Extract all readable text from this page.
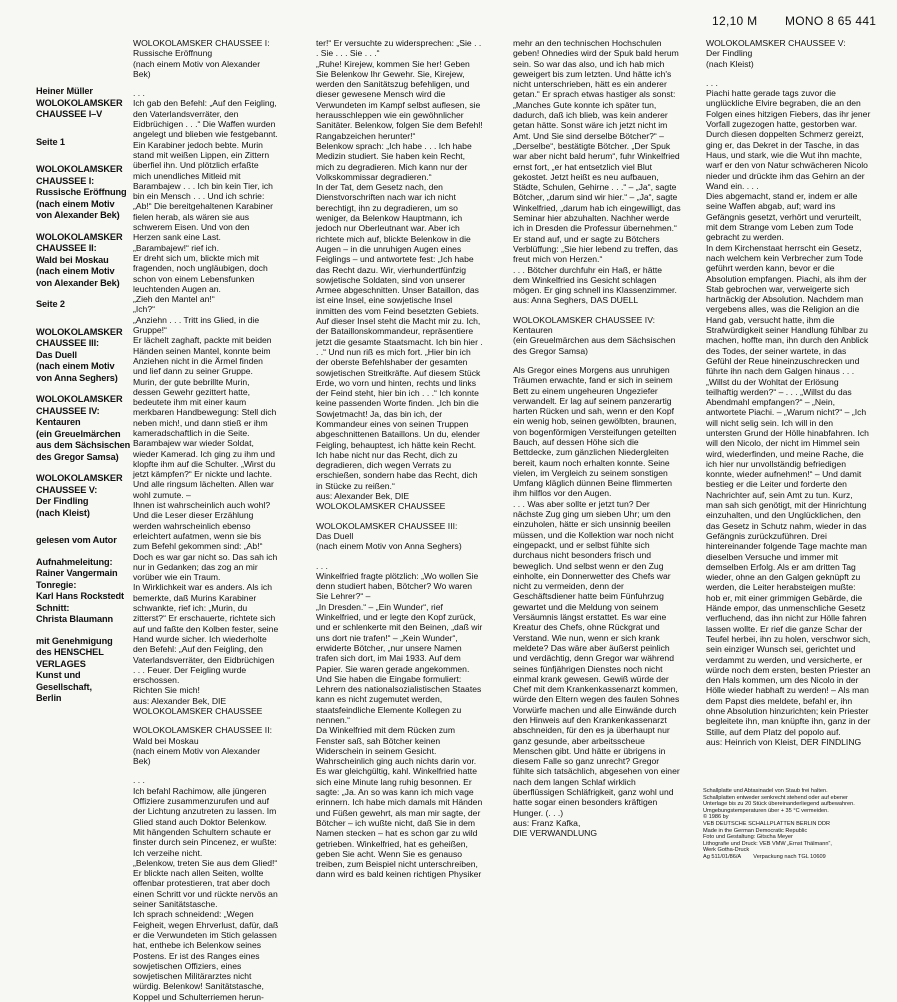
12,10 M MONO 8 65 441

Heiner Müller
WOLOKOLAMSKER
CHAUSSEE I–V

Seite 1

WOLOKOLAMSKER
CHAUSSEE I:
Russische Eröffnung
(nach einem Motiv
von Alexander Bek)

WOLOKOLAMSKER
CHAUSSEE II:
Wald bei Moskau
(nach einem Motiv
von Alexander Bek)

Seite 2

WOLOKOLAMSKER
CHAUSSEE III:
Das Duell
(nach einem Motiv
von Anna Seghers)

WOLOKOLAMSKER
CHAUSSEE IV:
Kentauren
(ein Greuelmärchen
aus dem Sächsischen
des Gregor Samsa)

WOLOKOLAMSKER
CHAUSSEE V:
Der Findling
(nach Kleist)

gelesen vom Autor

Aufnahmeleitung:
Rainer Vangermain
Tonregie:
Karl Hans Rockstedt
Schnitt:
Christa Blaumann

mit Genehmigung
des HENSCHEL
VERLAGES
Kunst und
Gesellschaft,
Berlin

WOLOKOLAMSKER CHAUSSEE I:
Russische Eröffnung
(nach einem Motiv von Alexander Bek)

. . .
Ich gab den Befehl: „Auf den Feigling, den Vaterlandsverräter, den Eidbrüchigen . . .“ Die Waffen wurden angelegt und blieben wie festgebannt. Ein Karabiner jedoch bebte. Murin stand mit weißen Lippen, ein Zittern überfiel ihn. Und plötzlich erfaßte mich unendliches Mitleid mit Barambajew . . . Ich bin kein Tier, ich bin ein Mensch . . . Und ich schrie: „Ab!“ Die bereitgehaltenen Karabiner fielen herab, als wären sie aus schwerem Eisen. Und von den Herzen sank eine Last. „Barambajew!“ rief ich.
Er dreht sich um, blickte mich mit fragenden, noch ungläubigen, doch schon von einem Lebensfunken leuchtenden Augen an.
„Zieh den Mantel an!“
„Ich?“
„Anziehn . . . Tritt ins Glied, in die Gruppe!“
Er lächelt zaghaft, packte mit beiden Händen seinen Mantel, konnte beim Anziehen nicht in die Ärmel finden und lief dann zu seiner Gruppe.
Murin, der gute bebrillte Murin, dessen Gewehr gezittert hatte, bedeutete ihm mit einer kaum merkbaren Handbewegung: Stell dich neben mich!, und dann stieß er ihm kameradschaftlich in die Seite. Barambajew war wieder Soldat, wieder Kamerad. Ich ging zu ihm und klopfte ihm auf die Schulter. „Wirst du jetzt kämpfen?“ Er nickte und lachte. Und alle ringsum lächelten. Allen war wohl zumute. –
Ihnen ist wahrscheinlich auch wohl?
Und die Leser dieser Erzählung werden wahrscheinlich ebenso erleichtert aufatmen, wenn sie bis zum Befehl gekommen sind: „Ab!“ Doch es war gar nicht so. Das sah ich nur in Gedanken; das zog an mir vorüber wie ein Traum.
In Wirklichkeit war es anders. Als ich bemerkte, daß Murins Karabiner schwankte, rief ich: „Murin, du zitterst?“ Er erschauerte, richtete sich auf und faßte den Kolben fester, seine Hand wurde sicher. Ich wiederholte den Befehl: „Auf den Feigling, den Vaterlandsverräter, den Eidbrüchigen . . . Feuer. Der Feigling wurde erschossen.
Richten Sie mich!
aus: Alexander Bek, DIE WOLOKOLAMSKER CHAUSSEE

WOLOKOLAMSKER CHAUSSEE II:
Wald bei Moskau
(nach einem Motiv von Alexander Bek)

. . .
Ich befahl Rachimow, alle jüngeren Offiziere zusammenzurufen und auf der Lichtung anzutreten zu lassen. Im Glied stand auch Doktor Belenkow. Mit hängenden Schultern schaute er finster durch sein Pincenez, er wußte: Ich verzeihe nicht.
„Belenkow, treten Sie aus dem Glied!“ Er blickte nach allen Seiten, wollte offenbar protestieren, trat aber doch einen Schritt vor und rückte nervös an seiner Sanitätstasche.
Ich sprach schneidend: „Wegen Feigheit, wegen Ehrverlust, dafür, daß er die Verwundeten im Stich gelassen hat, enthebe ich Belenkow seines Postens. Er ist des Ranges eines sowjetischen Offiziers, eines sowjetischen Militärarztes nicht würdig. Belenkow! Sanitätstasche, Koppel und Schulterriemen herun-

ter!“ Er versuchte zu widersprechen: „Sie . . . Sie . . . Sie . . .“
„Ruhe! Kirejew, kommen Sie her! Geben Sie Belenkow Ihr Gewehr. Sie, Kirejew, werden den Sanitätszug befehligen, und dieser gewesene Mensch wird die Verwundeten im Kampf selbst auflesen, sie herausschleppen wie ein gewöhnlicher Sanitäter. Belenkow, folgen Sie dem Befehl! Rangabzeichen herunter!“
Belenkow sprach: „Ich habe . . . Ich habe Medizin studiert. Sie haben kein Recht, mich zu degradieren. Mich kann nur der Volkskommissar degradieren.“
In der Tat, dem Gesetz nach, den Dienstvorschriften nach war ich nicht berechtigt, ihn zu degradieren, um so weniger, da Belenkow Hauptmann, ich jedoch nur Oberleutnant war. Aber ich richtete mich auf, blickte Belenkow in die Augen – in die unruhigen Augen eines Feiglings – und antwortete fest: „Ich habe das Recht dazu. Wir, vierhundertfünfzig sowjetische Soldaten, sind von unserer Armee abgeschnitten. Unser Bataillon, das ist eine Insel, eine sowjetische Insel inmitten des vom Feind besetzten Gebiets. Auf dieser Insel steht die Macht mir zu. Ich, der Bataillonskommandeur, repräsentiere jetzt die gesamte Staatsmacht. Ich bin hier . . .“ Und nun riß es mich fort. „Hier bin ich der oberste Befehlshaber der gesamten sowjetischen Streitkräfte. Auf diesem Stück Erde, wo vorn und hinten, rechts und links der Feind steht, hier bin ich . . .“ Ich konnte keine passenden Worte finden. „Ich bin die Sowjetmacht! Ja, das bin ich, der Kommandeur eines von seinen Truppen abgeschnittenen Bataillons. Un du, elender Feigling, behauptest, ich hätte kein Recht. Ich habe nicht nur das Recht, dich zu degradieren, dich wegen Verrats zu erschießen, sondern habe das Recht, dich in Stücke zu reißen.“
aus: Alexander Bek, DIE WOLOKOLAMSKER CHAUSSEE

WOLOKOLAMSKER CHAUSSEE III:
Das Duell
(nach einem Motiv von Anna Seghers)

. . .
Winkelfried fragte plötzlich: „Wo wollen Sie denn studiert haben, Bötcher? Wo waren Sie Lehrer?“ –
„In Dresden.“ – „Ein Wunder“, rief Winkelfried, und er legte den Kopf zurück, und er schlenkerte mit den Beinen, „daß wir uns dort nie trafen!“ – „Kein Wunder“, erwiderte Bötcher, „nur unsere Namen trafen sich dort, im Mai 1933. Auf dem Papier. Sie waren gerade angekommen. Und Sie haben die Eingabe formuliert: Lehrern des nationalsozialistischen Staates kann es nicht zugemutet werden, staatsfeindliche Elemente Kollegen zu nennen.“
Da Winkelfried mit dem Rücken zum Fenster saß, sah Bötcher keinen Widerschein in seinem Gesicht. Wahrscheinlich ging auch nichts darin vor. Es war gleichgültig, kahl. Winkelfried hatte sich eine Minute lang ruhig besonnen. Er sagte: „Ja. An so was kann ich mich vage erinnern. Ich habe mich damals mit Händen und Füßen gewehrt, als man mir sagte, der Bötcher – ich wußte nicht, daß Sie in dem Namen stecken – hat es schon gar zu wild getrieben. Winkelfried, hat es geheißen, geben Sie acht. Wenn Sie es genauso treiben, zum Beispiel nicht unterschreiben, dann wird es bald keinen richtigen Physiker

mehr an den technischen Hochschulen geben! Ohnedies wird der Spuk bald herum sein. So war das also, und ich hab mich geweigert bis zum letzten. Und hätte ich's nicht unterschrieben, hätt es ein anderer getan.“ Er sprach etwas hastiger als sonst: „Manches Gute konnte ich später tun, dadurch, daß ich blieb, was kein anderer getan hätte. Sonst wäre ich jetzt nicht im Amt. Und Sie sind derselbe Bötcher?“ – „Derselbe“, bestätigte Bötcher. „Der Spuk war aber nicht bald herum“, fuhr Winkelfried ernst fort, „er hat entsetzlich viel Blut gekostet. Jetzt heißt es neu aufbauen, Städte, Schulen, Gehirne . . .“ – „Ja“, sagte Bötcher, „darum sind wir hier.“ – „Ja“, sagte Winkelfried, „darum hab ich eingewilligt, das Seminar hier abzuhalten. Nachher werde ich in Dresden die Professur übernehmen.“ Er stand auf, und er sagte zu Bötchers Verblüffung: „Sie hier lebend zu treffen, das freut mich von Herzen.“
. . . Bötcher durchfuhr ein Haß, er hätte dem Winkelfried ins Gesicht schlagen mögen. Er ging schnell ins Klassenzimmer.
aus: Anna Seghers, DAS DUELL

WOLOKOLAMSKER CHAUSSEE IV:
Kentauren
(ein Greuelmärchen aus dem Sächsischen des Gregor Samsa)

Als Gregor eines Morgens aus unruhigen Träumen erwachte, fand er sich in seinem Bett zu einem ungeheuren Ungeziefer verwandelt. Er lag auf seinem panzerartig harten Rücken und sah, wenn er den Kopf ein wenig hob, seinen gewölbten, braunen, von bogenförmigen Versteifungen geteilten Bauch, auf dessen Höhe sich die Bettdecke, zum gänzlichen Niedergleiten bereit, kaum noch erhalten konnte. Seine vielen, im Vergleich zu seinem sonstigen Umfang kläglich dünnen Beine flimmerten ihm hilflos vor den Augen.
. . . Was aber sollte er jetzt tun? Der nächste Zug ging um sieben Uhr; um den einzuholen, hätte er sich unsinnig beeilen müssen, und die Kollektion war noch nicht eingepackt, und er selbst fühlte sich durchaus nicht besonders frisch und beweglich. Und selbst wenn er den Zug einholte, ein Donnerwetter des Chefs war nicht zu vermeiden, denn der Geschäftsdiener hatte beim Fünfuhrzug gewartet und die Meldung von seinem Versäumnis längst erstattet. Es war eine Kreatur des Chefs, ohne Rückgrat und Verstand. Wie nun, wenn er sich krank meldete? Das wäre aber äußerst peinlich und verdächtig, denn Gregor war während seines fünfjährigen Dienstes noch nicht einmal krank gewesen. Gewiß würde der Chef mit dem Krankenkassenarzt kommen, würde den Eltern wegen des faulen Sohnes Vorwürfe machen und alle Einwände durch den Hinweis auf den Krankenkassenarzt abschneiden, für den es ja überhaupt nur ganz gesunde, aber arbeitsscheue Menschen gibt. Und hätte er übrigens in diesem Falle so ganz unrecht? Gregor fühlte sich tatsächlich, abgesehen von einer nach dem langen Schlaf wirklich überflüssigen Schläfrigkeit, ganz wohl und hatte sogar einen besonders kräftigen Hunger. (. . .)
aus: Franz Kafka,
DIE VERWANDLUNG

WOLOKOLAMSKER CHAUSSEE V:
Der Findling
(nach Kleist)

. . .
Piachi hatte gerade tags zuvor die unglückliche Elvire begraben, die an den Folgen eines hitzigen Fiebers, das ihr jener Vorfall zugezogen hatte, gestorben war. Durch diesen doppelten Schmerz gereizt, ging er, das Dekret in der Tasche, in das Haus, und stark, wie die Wut ihn machte, warf er den von Natur schwächeren Nicolo nieder und drückte ihm das Gehirn an der Wand ein. . . .
Dies abgemacht, stand er, indem er alle seine Waffen abgab, auf; ward ins Gefängnis gesetzt, verhört und verurteilt, mit dem Strange vom Leben zum Tode gebracht zu werden.
In dem Kirchenstaat herrscht ein Gesetz, nach welchem kein Verbrecher zum Tode geführt werden kann, bevor er die Absolution empfangen. Piachi, als ihm der Stab gebrochen war, verweigerte sich hartnäckig der Absolution. Nachdem man vergebens alles, was die Religion an die Hand gab, versucht hatte, ihm die Strafwürdigkeit seiner Handlung fühlbar zu machen, hoffte man, ihn durch den Anblick des Todes, der seiner wartete, in das Gefühl der Reue hineinzuschrecken und führte ihn nach dem Galgen hinaus . . .
„Willst du der Wohltat der Erlösung teilhaftig werden?“ – . . . „Willst du das Abendmahl empfangen?“ – „Nein, antwortete Piachi. – „Warum nicht?“ – „Ich will nicht selig sein. Ich will in den untersten Grund der Hölle hinabfahren. Ich will den Nicolo, der nicht im Himmel sein wird, wiederfinden, und meine Rache, die ich hier nur unvollständig befriedigen konnte, wieder aufnehmen!“ – Und damit bestieg er die Leiter und forderte den Nachrichter auf, sein Amt zu tun. Kurz, man sah sich genötigt, mit der Hinrichtung einzuhalten, und den Unglücklichen, den das Gesetz in Schutz nahm, wieder in das Gefängnis zurückzuführen. Drei hintereinander folgende Tage machte man dieselben Versuche und immer mit demselben Erfolg. Als er am dritten Tag wieder, ohne an den Galgen geknüpft zu werden, die Leiter herabsteigen mußte: hob er, mit einer grimmigen Gebärde, die Hände empor, das unmenschliche Gesetz verfluchend, das ihn nicht zur Hölle fahren lassen wollte. Er rief die ganze Schar der Teufel herbei, ihn zu holen, verschwor sich, sein einziger Wunsch sei, gerichtet und verdammt zu werden, und versicherte, er würde noch dem ersten, besten Priester an den Hals kommen, um des Nicolo in der Hölle wieder habhaft zu werden! – Als man dem Papst dies meldete, befahl er, ihn ohne Absolution hinzurichten; kein Priester begleitete ihn, man knüpfte ihn, ganz in der Stille, auf dem Platz del popolo auf.
aus: Heinrich von Kleist, DER FINDLING

Schallplatte und Abtasinadel von Staub frei halten.

Schallplatten entweder senkrecht stehend oder auf ebener

Unterlage bis zu 20 Stück übereinanderliegend aufbewahren.

Umgebungstemperaturen über + 35 °C vermeiden.

© 1986 by

VEB DEUTSCHE SCHALLPLATTEN BERLIN DDR

Made in the German Democratic Republic

Foto und Gestaltung: Gitscha Meyer

Lithografie und Druck: VEB VMW „Ernst Thälmann“,

Werk Gotha-Druck

Ag 511/01/86/A        Verpackung nach TGL 10609
